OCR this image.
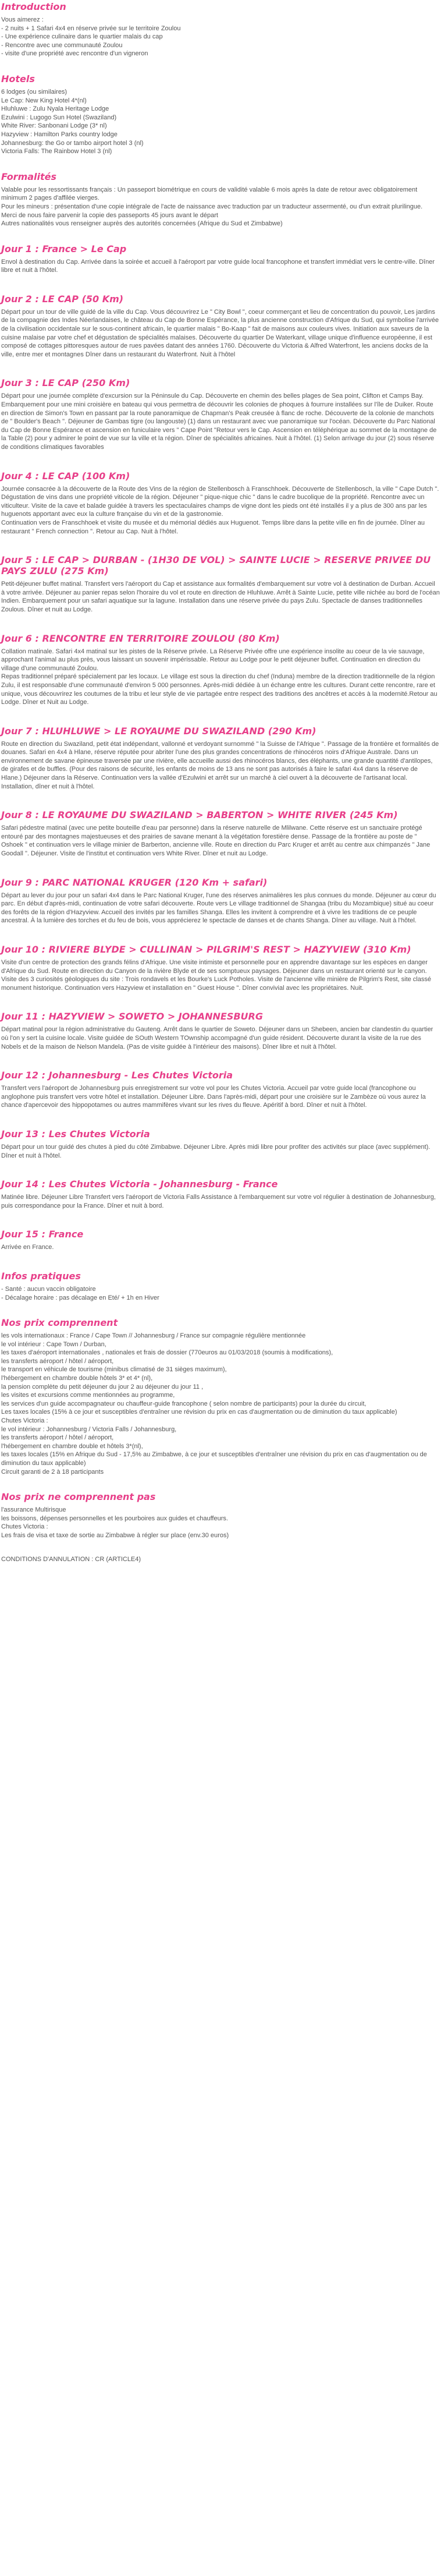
Introduction

Vous aimerez :

- 2 nuits + 1 Safari 4x4 en réserve privée sur le territoire Zoulou

- Une expérience culinaire dans le quartier malais du cap

- Rencontre avec une communauté Zoulou

- visite d'une propriété avec rencontre d'un vigneron

Hotels

6 lodges (ou similaires)

Le Cap: New King Hotel 4*(nl)

Hluhluwe : Zulu Nyala Heritage Lodge

Ezulwini : Lugogo Sun Hotel (Swaziland)

White River: Sanbonani Lodge (3* nl)

Hazyview : Hamilton Parks country lodge

Johannesburg: the Go or tambo airport hotel 3 (nl)

Victoria Falls: The Rainbow Hotel 3 (nl)

Formalités

Valable pour les ressortissants français : Un passeport biométrique en cours de validité valable 6 mois après la date de retour avec obligatoirement minimum 2 pages d'affilée vierges.

Pour les mineurs : présentation d'une copie intégrale de l'acte de naissance avec traduction par un traducteur assermenté, ou d'un extrait plurilingue.

Merci de nous faire parvenir la copie des passeports 45 jours avant le départ

Autres nationalités vous renseigner auprès des autorités concernées (Afrique du Sud et Zimbabwe)

Jour 1 : France > Le Cap

Envol à destination du Cap. Arrivée dans la soirée et accueil à l'aéroport par votre guide local francophone et transfert immédiat vers le centre-ville. Dîner libre et nuit à l'hôtel.

Jour 2 : LE CAP (50 Km)

Départ pour un tour de ville guidé de la ville du Cap. Vous découvrirez Le " City Bowl ", coeur commerçant et lieu de concentration du pouvoir, Les jardins de la compagnie des Indes Néerlandaises, le château du Cap de Bonne Espérance, la plus ancienne construction d'Afrique du Sud, qui symbolise l'arrivée de la civilisation occidentale sur le sous-continent africain, le quartier malais " Bo-Kaap " fait de maisons aux couleurs vives. Initiation aux saveurs de la cuisine malaise par votre chef et dégustation de spécialités malaises. Découverte du quartier De Waterkant, village unique d'influence européenne, il est composé de cottages pittoresques autour de rues pavées datant des années 1760. Découverte du Victoria & Alfred Waterfront, les anciens docks de la ville, entre mer et montagnes Dîner dans un restaurant du Waterfront. Nuit à l'hôtel

Jour 3 : LE CAP (250 Km)

Départ pour une journée complète d'excursion sur la Péninsule du Cap. Découverte en chemin des belles plages de Sea point, Clifton et Camps Bay. Embarquement pour une mini croisière en bateau qui vous permettra de découvrir les colonies de phoques à fourrure installées sur l'île de Duiker. Route en direction de Simon's Town en passant par la route panoramique de Chapman's Peak creusée à flanc de roche. Découverte de la colonie de manchots de " Boulder's Beach ". Déjeuner de Gambas tigre (ou langouste) (1) dans un restaurant avec vue panoramique sur l'océan. Découverte du Parc National du Cap de Bonne Espérance et ascension en funiculaire vers " Cape Point "Retour vers le Cap. Ascension en téléphérique au sommet de la montagne de la Table (2) pour y admirer le point de vue sur la ville et la région. Dîner de spécialités africaines. Nuit à l'hôtel. (1) Selon arrivage du jour (2) sous réserve de conditions climatiques favorables

Jour 4 : LE CAP (100 Km)

Journée consacrée à la découverte de la Route des Vins de la région de Stellenbosch à Franschhoek. Découverte de Stellenbosch, la ville " Cape Dutch ". Dégustation de vins dans une propriété viticole de la région. Déjeuner " pique-nique chic " dans le cadre bucolique de la propriété. Rencontre avec un viticulteur. Visite de la cave et balade guidée à travers les spectaculaires champs de vigne dont les pieds ont été installés il y a plus de 300 ans par les huguenots apportant avec eux la culture française du vin et de la gastronomie.
Continuation vers de Franschhoek et visite du musée et du mémorial dédiés aux Huguenot. Temps libre dans la petite ville en fin de journée. Dîner au restaurant " French connection ". Retour au Cap. Nuit à l'hôtel.

Jour 5 : LE CAP > DURBAN - (1H30 DE VOL) > SAINTE LUCIE > RESERVE PRIVEE DU PAYS ZULU (275 Km)

Petit-déjeuner buffet matinal. Transfert vers l'aéroport du Cap et assistance aux formalités d'embarquement sur votre vol à destination de Durban. Accueil à votre arrivée. Déjeuner au panier repas selon l'horaire du vol et route en direction de Hluhluwe. Arrêt à Sainte Lucie, petite ville nichée au bord de l'océan Indien. Embarquement pour un safari aquatique sur la lagune. Installation dans une réserve privée du pays Zulu. Spectacle de danses traditionnelles Zoulous. Dîner et nuit au Lodge.

Jour 6 : RENCONTRE EN TERRITOIRE ZOULOU (80 Km)

Collation matinale. Safari 4x4 matinal sur les pistes de la Réserve privée. La Réserve Privée offre une expérience insolite au coeur de la vie sauvage, approchant l'animal au plus près, vous laissant un souvenir impérissable. Retour au Lodge pour le petit déjeuner buffet. Continuation en direction du village d'une communauté Zoulou.
Repas traditionnel préparé spécialement par les locaux. Le village est sous la direction du chef (Induna) membre de la direction traditionnelle de la région Zulu, il est responsable d'une communauté d'environ 5 000 personnes. Après-midi dédiée à un échange entre les cultures. Durant cette rencontre, rare et unique, vous découvrirez les coutumes de la tribu et leur style de vie partagée entre respect des traditions des ancêtres et accès à la modernité.Retour au Lodge. Dîner et Nuit au Lodge.

Jour 7 : HLUHLUWE > LE ROYAUME DU SWAZILAND (290 Km)

Route en direction du Swaziland, petit état indépendant, vallonné et verdoyant surnommé " la Suisse de l'Afrique ". Passage de la frontière et formalités de douanes. Safari en 4x4 à Hlane, réserve réputée pour abriter l'une des plus grandes concentrations de rhinocéros noirs d'Afrique Australe. Dans un environnement de savane épineuse traversée par une rivière, elle accueille aussi des rhinocéros blancs, des éléphants, une grande quantité d'antilopes, de girafes et de buffles. (Pour des raisons de sécurité, les enfants de moins de 13 ans ne sont pas autorisés à faire le safari 4x4 dans la réserve de Hlane.) Déjeuner dans la Réserve. Continuation vers la vallée d'Ezulwini et arrêt sur un marché à ciel ouvert à la découverte de l'artisanat local. Installation, dîner et nuit à l'hôtel.

Jour 8 : LE ROYAUME DU SWAZILAND > BABERTON > WHITE RIVER (245 Km)

Safari pédestre matinal (avec une petite bouteille d'eau par personne) dans la réserve naturelle de Mlilwane. Cette réserve est un sanctuaire protégé entouré par des montagnes majestueuses et des prairies de savane menant à la végétation forestière dense. Passage de la frontière au poste de " Oshoek " et continuation vers le village minier de Barberton, ancienne ville. Route en direction du Parc Kruger et arrêt au centre aux chimpanzés " Jane Goodall ". Déjeuner. Visite de l'institut et continuation vers White River. Dîner et nuit au Lodge.

Jour 9 : PARC NATIONAL KRUGER (120 Km + safari)

Départ au lever du jour pour un safari 4x4 dans le Parc National Kruger, l'une des réserves animalières les plus connues du monde. Déjeuner au cœur du parc. En début d'après-midi, continuation de votre safari découverte. Route vers Le village traditionnel de Shangaa (tribu du Mozambique) situé au coeur des forêts de la région d'Hazyview. Accueil des invités par les familles Shanga. Elles les invitent à comprendre et à vivre les traditions de ce peuple ancestral. À la lumière des torches et du feu de bois, vous apprécierez le spectacle de danses et de chants Shanga. Dîner au village. Nuit à l'hôtel.

Jour 10 : RIVIERE BLYDE > CULLINAN > PILGRIM'S REST > HAZYVIEW (310 Km)

Visite d'un centre de protection des grands félins d'Afrique. Une visite intimiste et personnelle pour en apprendre davantage sur les espèces en danger d'Afrique du Sud. Route en direction du Canyon de la rivière Blyde et de ses somptueux paysages. Déjeuner dans un restaurant orienté sur le canyon. Visite des 3 curiosités géologiques du site : Trois rondavels et les Bourke's Luck Potholes. Visite de l'ancienne ville minière de Pilgrim's Rest, site classé monument historique. Continuation vers Hazyview et installation en " Guest House ". Dîner convivial avec les propriétaires. Nuit.

Jour 11 : HAZYVIEW > SOWETO > JOHANNESBURG

Départ matinal pour la région administrative du Gauteng. Arrêt dans le quartier de Soweto. Déjeuner dans un Shebeen, ancien bar clandestin du quartier où l'on y sert la cuisine locale. Visite guidée de SOuth Western TOwnship accompagné d'un guide résident. Découverte durant la visite de la rue des Nobels et de la maison de Nelson Mandela. (Pas de visite guidée à l'intérieur des maisons). Dîner libre et nuit à l'hôtel.

Jour 12 : Johannesburg - Les Chutes Victoria

Transfert vers l'aéroport de Johannesburg puis enregistrement sur votre vol pour les Chutes Victoria. Accueil par votre guide local (francophone ou anglophone puis transfert vers votre hôtel et installation. Déjeuner Libre. Dans l'après-midi, départ pour une croisière sur le Zambèze où vous aurez la chance d'apercevoir des hippopotames ou autres mammifères vivant sur les rives du fleuve. Apéritif à bord. Dîner et nuit à l'hôtel.

Jour 13 : Les Chutes Victoria

Départ pour un tour guidé des chutes à pied du côté Zimbabwe. Déjeuner Libre. Après midi libre pour profiter des activités sur place (avec supplément). Dîner et nuit à l'hôtel.

Jour 14 : Les Chutes Victoria - Johannesburg - France

Matinée libre. Déjeuner Libre Transfert vers l'aéroport de Victoria Falls Assistance à l'embarquement sur votre vol régulier à destination de Johannesburg, puis correspondance pour la France. Dîner et nuit à bord.

Jour 15 : France

Arrivée en France.

Infos pratiques

- Santé : aucun vaccin obligatoire

- Décalage horaire : pas décalage en Eté/ + 1h en Hiver

Nos prix comprennent

les vols internationaux : France / Cape Town // Johannesburg / France sur compagnie régulière mentionnée

le vol intérieur : Cape Town / Durban,

les taxes d'aéroport internationales , nationales et frais de dossier (770euros au 01/03/2018 (soumis à modifications),

les transferts aéroport / hôtel / aéroport,

le transport en véhicule de tourisme (minibus climatisé de 31 sièges maximum),

l'hébergement en chambre double hôtels 3* et 4* (nl),

la pension complète du petit déjeuner du jour 2 au déjeuner du jour 11 ,

les visites et excursions comme mentionnées au programme,

les services d'un guide accompagnateur ou chauffeur-guide francophone ( selon nombre de participants) pour la durée du circuit,

Les taxes locales (15% à ce jour et susceptibles d'entraîner une révision du prix en cas d'augmentation ou de diminution du taux applicable)

Chutes Victoria :

le vol intérieur : Johannesburg / Victoria Falls / Johannesburg,

les transferts aéroport / hôtel / aéroport,

l'hébergement en chambre double et hôtels 3*(nl),

les taxes locales (15% en Afrique du Sud - 17,5% au Zimbabwe, à ce jour et susceptibles d'entraîner une révision du prix en cas d'augmentation ou de diminution du taux applicable)

Circuit garanti de 2 à 18 participants

Nos prix ne comprennent pas

l'assurance Multirisque

les boissons, dépenses personnelles et les pourboires aux guides et chauffeurs.

Chutes Victoria :

Les frais de visa et taxe de sortie au Zimbabwe à régler sur place (env.30 euros)

CONDITIONS D'ANNULATION : CR (ARTICLE4)
